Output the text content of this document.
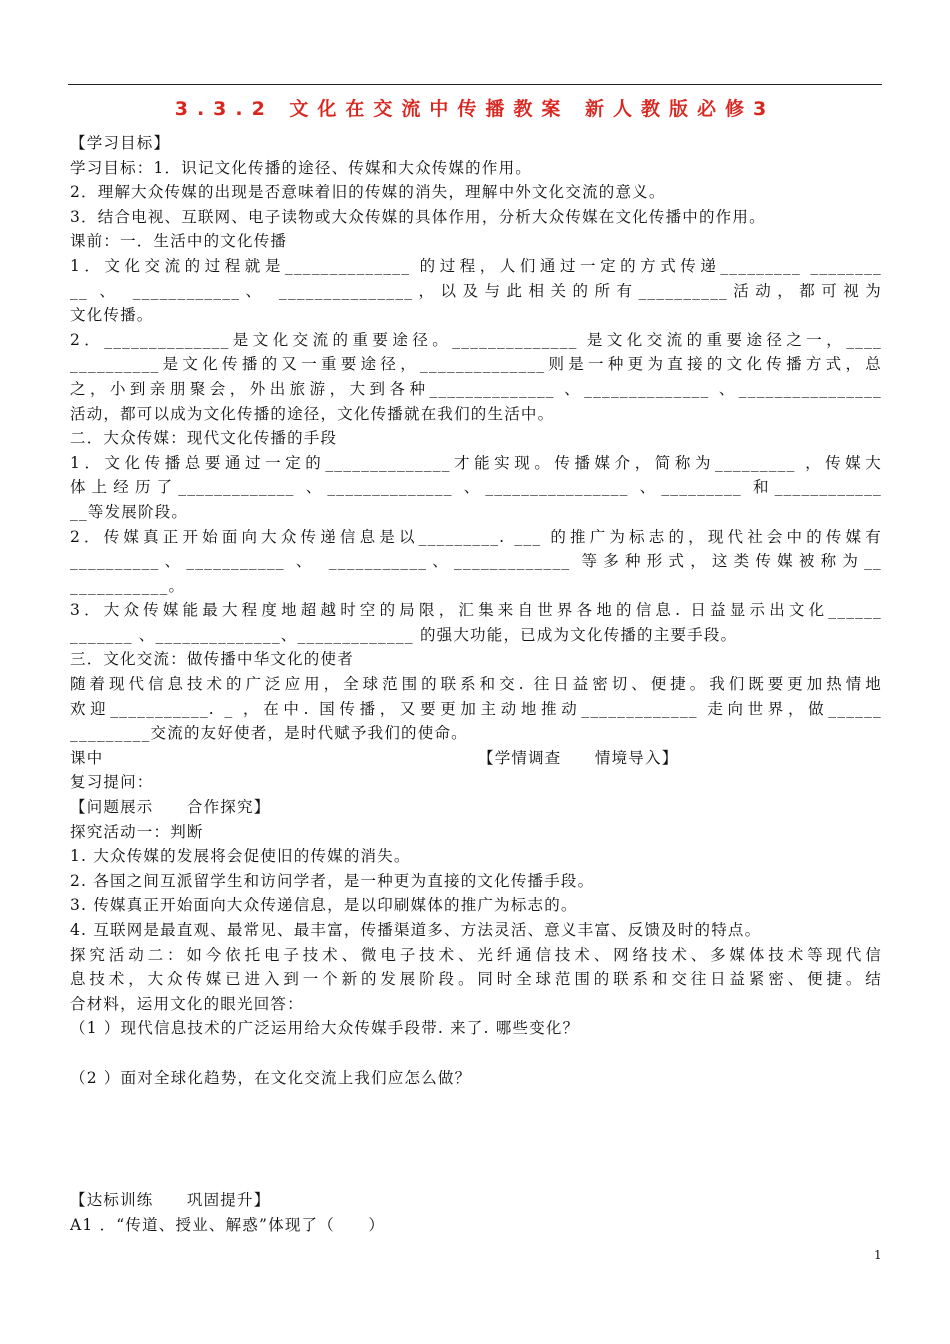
3.3.2 文化在交流中传播教案 新人教版必修3
【学习目标】
学习目标：1．识记文化传播的途径、传媒和大众传媒的作用。
2．理解大众传媒的出现是否意味着旧的传媒的消失，理解中外文化交流的意义。
3．结合电视、互联网、电子读物或大众传媒的具体作用，分析大众传媒在文化传播中的作用。
课前：一．生活中的文化传播
1．文化交流的过程就是______________ 的过程，人们通过一定的方式传递_________ ________
__ 、 ____________、 _______________，以及与此相关的所有__________活动，都可视为
文化传播。
2．______________是文化交流的重要途径。______________ 是文化交流的重要途径之一，____
__________是文化传播的又一重要途径，______________则是一种更为直接的文化传播方式，总
之，小到亲朋聚会，外出旅游，大到各种______________ 、______________ 、________________
活动，都可以成为文化传播的途径，文化传播就在我们的生活中。
二．大众传媒：现代文化传播的手段
1．文化传播总要通过一定的______________才能实现。传播媒介，简称为_________ ，传媒大
体上经历了_____________ 、______________ 、________________ 、_________ 和____________
__等发展阶段。
2．传媒真正开始面向大众传递信息是以_________. ___ 的推广为标志的，现代社会中的传媒有
__________、___________ 、 ___________、_____________ 等多种形式，这类传媒被称为__
___________。
3．大众传媒能最大程度地超越时空的局限，汇集来自世界各地的信息. 日益显示出文化______
_______ 、______________、_____________ 的强大功能，已成为文化传播的主要手段。
三．文化交流：做传播中华文化的使者
随着现代信息技术的广泛应用，全球范围的联系和交. 往日益密切、便捷。我们既要更加热情地
欢迎___________. _ ，在中. 国传播，又要更加主动地推动_____________ 走向世界，做______
_________交流的友好使者，是时代赋予我们的使命。
课中	【学情调查　　情境导入】
复习提问：
【问题展示　　合作探究】
探究活动一：判断
1. 大众传媒的发展将会促使旧的传媒的消失。
2. 各国之间互派留学生和访问学者，是一种更为直接的文化传播手段。
3. 传媒真正开始面向大众传递信息，是以印刷媒体的推广为标志的。
4. 互联网是最直观、最常见、最丰富，传播渠道多、方法灵活、意义丰富、反馈及时的特点。
探究活动二：如今依托电子技术、微电子技术、光纤通信技术、网络技术、多媒体技术等现代信
息技术，大众传媒已进入到一个新的发展阶段。同时全球范围的联系和交往日益紧密、便捷。结
合材料，运用文化的眼光回答：
（1 ）现代信息技术的广泛运用给大众传媒手段带. 来了. 哪些变化？
（2 ）面对全球化趋势，在文化交流上我们应怎么做？
【达标训练　　巩固提升】
A1 ．“传道、授业、解惑”体现了（　　）
1
